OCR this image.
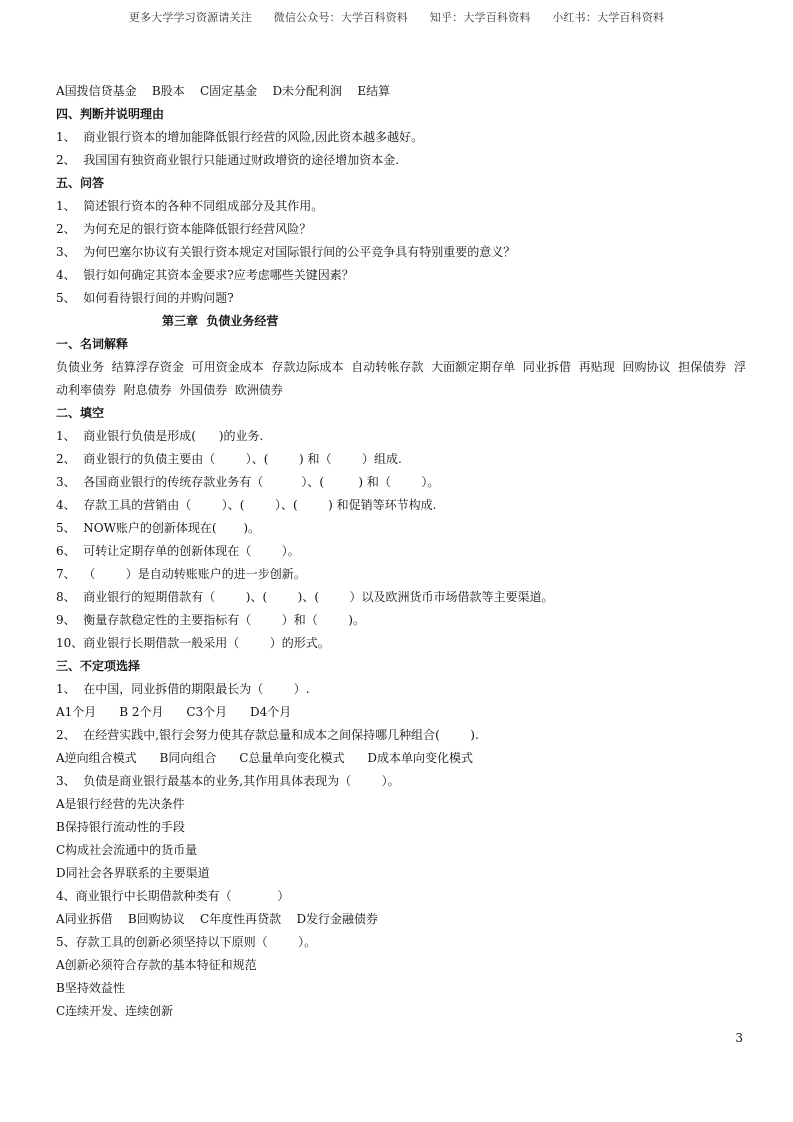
更多大学学习资源请关注 微信公众号：大学百科资料 知乎：大学百科资料 小红书：大学百科资料
A国拨信贷基金    B股本    C固定基金    D未分配利润    E结算
四、判断并说明理由
1、  商业银行资本的增加能降低银行经营的风险,因此资本越多越好。
2、  我国国有独资商业银行只能通过财政增资的途径增加资本金.
五、问答
1、  简述银行资本的各种不同组成部分及其作用。
2、  为何充足的银行资本能降低银行经营风险？
3、  为何巴塞尔协议有关银行资本规定对国际银行间的公平竞争具有特别重要的意义？
4、  银行如何确定其资本金要求?应考虑哪些关键因素？
5、  如何看待银行间的并购问题?
第三章  负债业务经营
一、名词解释
负债业务  结算浮存资金  可用资金成本  存款边际成本  自动转帐存款  大面额定期存单  同业拆借  再贴现  回购协议  担保债券  浮动利率债券  附息债券  外国债券  欧洲债券
二、填空
1、  商业银行负债是形成(      )的业务.
2、  商业银行的负债主要由（        ）、(        ) 和（        ）组成.
3、  各国商业银行的传统存款业务有（          ）、(         ) 和（        ）。
4、  存款工具的营销由（        ）、(        ）、(        ) 和促销等环节构成.
5、  NOW账户的创新体现在(       )。
6、  可转让定期存单的创新体现在（        ）。
7、  （        ）是自动转账账户的进一步创新。
8、  商业银行的短期借款有（        )、(        )、(        ）以及欧洲货币市场借款等主要渠道。
9、  衡量存款稳定性的主要指标有（        ）和（        )。
10、商业银行长期借款一般采用（        ）的形式。
三、不定项选择
1、  在中国，同业拆借的期限最长为（        ）.
A1个月      B 2个月      C3个月      D4个月
2、  在经营实践中,银行会努力使其存款总量和成本之间保持哪几种组合(        ).
A逆向组合模式      B同向组合      C总量单向变化模式      D成本单向变化模式
3、  负债是商业银行最基本的业务,其作用具体表现为（        ）。
A是银行经营的先决条件
B保持银行流动性的手段
C构成社会流通中的货币量
D同社会各界联系的主要渠道
4、商业银行中长期借款种类有（            ）
A同业拆借    B回购协议    C年度性再贷款    D发行金融债券
5、存款工具的创新必须坚持以下原则（        ）。
A创新必须符合存款的基本特征和规范
B坚持效益性
C连续开发、连续创新
3
